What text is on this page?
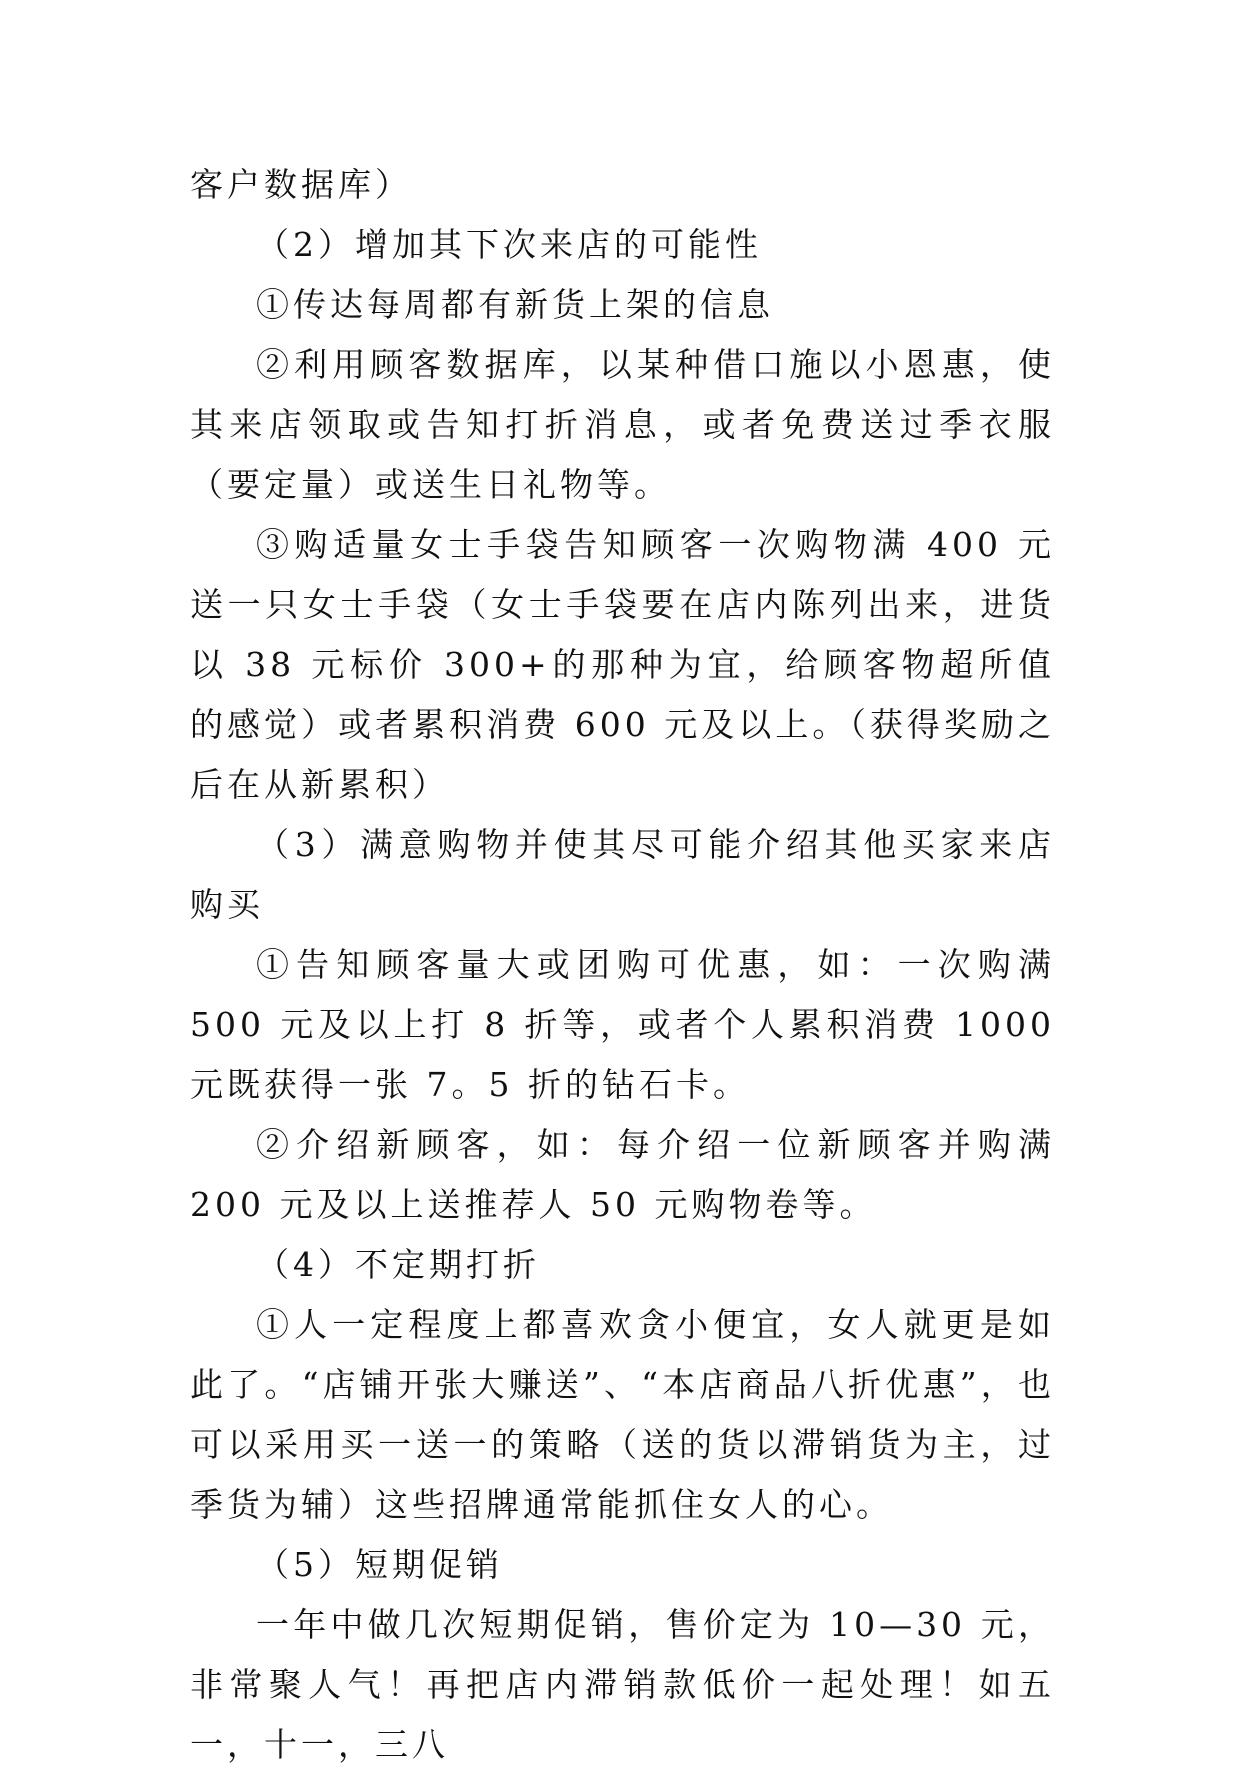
客户数据库）

（2）增加其下次来店的可能性

①传达每周都有新货上架的信息

②利用顾客数据库，以某种借口施以小恩惠，使其来店领取或告知打折消息，或者免费送过季衣服（要定量）或送生日礼物等。

③购适量女士手袋告知顾客一次购物满 400 元送一只女士手袋（女士手袋要在店内陈列出来，进货以 38 元标价 300+的那种为宜，给顾客物超所值的感觉）或者累积消费 600 元及以上。（获得奖励之后在从新累积）

（3）满意购物并使其尽可能介绍其他买家来店购买

①告知顾客量大或团购可优惠，如：一次购满 500 元及以上打 8 折等，或者个人累积消费 1000 元既获得一张 7。5 折的钻石卡。

②介绍新顾客，如：每介绍一位新顾客并购满 200 元及以上送推荐人 50 元购物卷等。

（4）不定期打折

①人一定程度上都喜欢贪小便宜，女人就更是如此了。“店铺开张大赚送”、“本店商品八折优惠”，也可以采用买一送一的策略（送的货以滞销货为主，过季货为辅）这些招牌通常能抓住女人的心。

（5）短期促销

一年中做几次短期促销，售价定为 10—30 元，非常聚人气！再把店内滞销款低价一起处理！如五一，十一，三八
